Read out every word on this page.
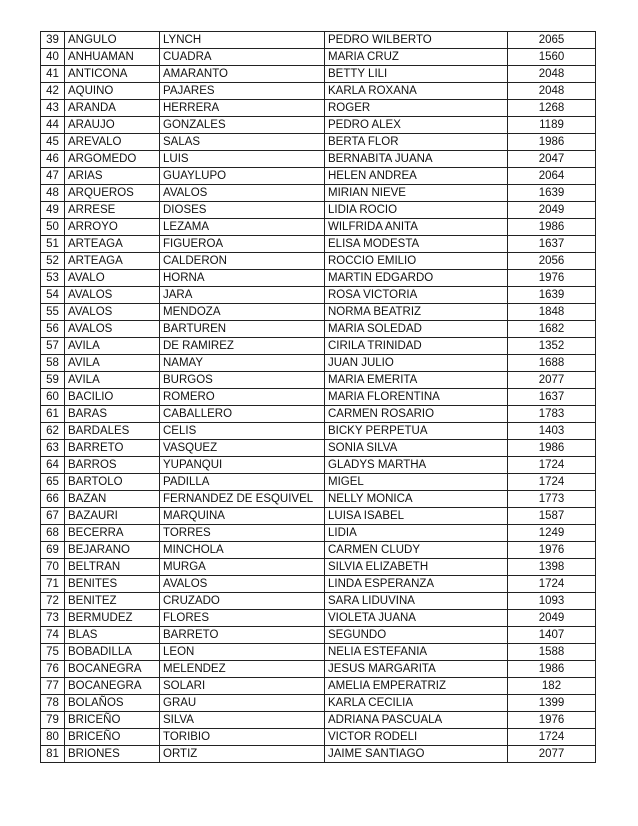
39	ANGULO	LYNCH	PEDRO WILBERTO	2065
40	ANHUAMAN	CUADRA	MARIA CRUZ	1560
41	ANTICONA	AMARANTO	BETTY LILI	2048
42	AQUINO	PAJARES	KARLA ROXANA	2048
43	ARANDA	HERRERA	ROGER	1268
44	ARAUJO	GONZALES	PEDRO ALEX	1189
45	AREVALO	SALAS	BERTA FLOR	1986
46	ARGOMEDO	LUIS	BERNABITA JUANA	2047
47	ARIAS	GUAYLUPO	HELEN ANDREA	2064
48	ARQUEROS	AVALOS	MIRIAN NIEVE	1639
49	ARRESE	DIOSES	LIDIA ROCIO	2049
50	ARROYO	LEZAMA	WILFRIDA ANITA	1986
51	ARTEAGA	FIGUEROA	ELISA MODESTA	1637
52	ARTEAGA	CALDERON	ROCCIO EMILIO	2056
53	AVALO	HORNA	MARTIN EDGARDO	1976
54	AVALOS	JARA	ROSA VICTORIA	1639
55	AVALOS	MENDOZA	NORMA BEATRIZ	1848
56	AVALOS	BARTUREN	MARIA SOLEDAD	1682
57	AVILA	DE RAMIREZ	CIRILA TRINIDAD	1352
58	AVILA	NAMAY	JUAN JULIO	1688
59	AVILA	BURGOS	MARIA EMERITA	2077
60	BACILIO	ROMERO	MARIA FLORENTINA	1637
61	BARAS	CABALLERO	CARMEN ROSARIO	1783
62	BARDALES	CELIS	BICKY PERPETUA	1403
63	BARRETO	VASQUEZ	SONIA SILVA	1986
64	BARROS	YUPANQUI	GLADYS MARTHA	1724
65	BARTOLO	PADILLA	MIGEL	1724
66	BAZAN	FERNANDEZ DE ESQUIVEL	NELLY MONICA	1773
67	BAZAURI	MARQUINA	LUISA ISABEL	1587
68	BECERRA	TORRES	LIDIA	1249
69	BEJARANO	MINCHOLA	CARMEN CLUDY	1976
70	BELTRAN	MURGA	SILVIA ELIZABETH	1398
71	BENITES	AVALOS	LINDA ESPERANZA	1724
72	BENITEZ	CRUZADO	SARA LIDUVINA	1093
73	BERMUDEZ	FLORES	VIOLETA JUANA	2049
74	BLAS	BARRETO	SEGUNDO	1407
75	BOBADILLA	LEON	NELIA ESTEFANIA	1588
76	BOCANEGRA	MELENDEZ	JESUS MARGARITA	1986
77	BOCANEGRA	SOLARI	AMELIA EMPERATRIZ	182
78	BOLAÑOS	GRAU	KARLA CECILIA	1399
79	BRICEÑO	SILVA	ADRIANA PASCUALA	1976
80	BRICEÑO	TORIBIO	VICTOR RODELI	1724
81	BRIONES	ORTIZ	JAIME SANTIAGO	2077
